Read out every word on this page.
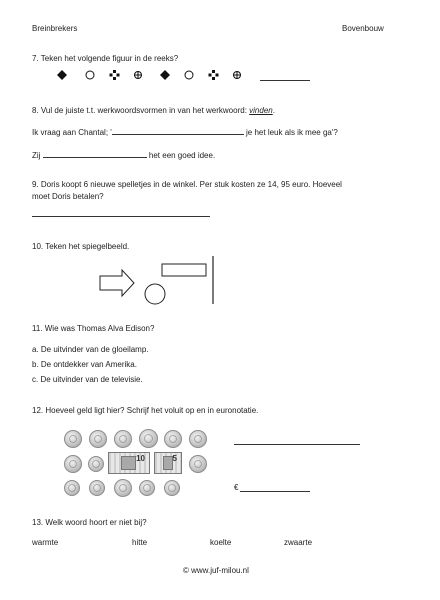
Breinbrekers	Bovenbouw
7. Teken het volgende figuur in de reeks?
8. Vul de juiste t.t. werkwoordsvormen in van het werkwoord: vinden.
Ik vraag aan Chantal; '	je het leuk als ik mee ga'?
Zij	het een goed idee.
9. Doris koopt 6 nieuwe spelletjes in de winkel. Per stuk kosten ze 14, 95 euro. Hoeveel
moet Doris betalen?
10. Teken het spiegelbeeld.
11. Wie was Thomas Alva Edison?
a. De uitvinder van de gloeilamp.
b. De ontdekker van Amerika.
c. De uitvinder van de televisie.
12. Hoeveel geld ligt hier? Schrijf het voluit op en in euronotatie.
10	5
€
13. Welk woord hoort er niet bij?
warmte	hitte	koelte	zwaarte
© www.juf-milou.nl
